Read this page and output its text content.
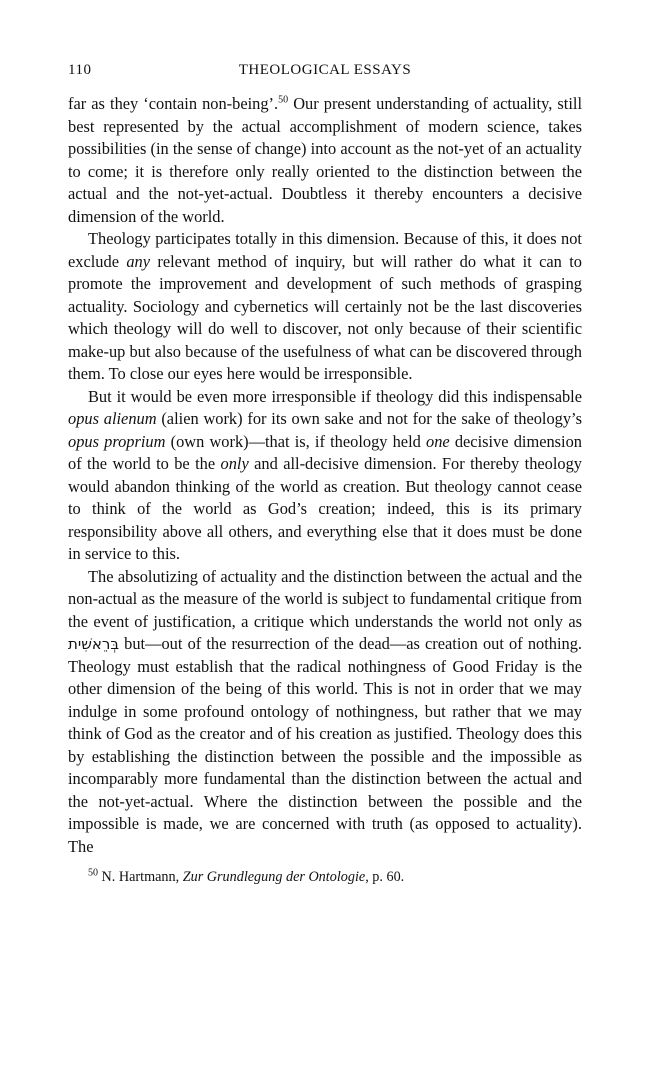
110	THEOLOGICAL ESSAYS

far as they ‘contain non-being’.$^{50}$ Our present understanding of actuality, still best represented by the actual accomplishment of modern science, takes possibilities (in the sense of change) into account as the not-yet of an actuality to come; it is therefore only really oriented to the distinction between the actual and the not-yet-actual. Doubtless it thereby encounters a decisive dimension of the world.

Theology participates totally in this dimension. Because of this, it does not exclude any relevant method of inquiry, but will rather do what it can to promote the improvement and development of such methods of grasping actuality. Sociology and cybernetics will certainly not be the last discoveries which theology will do well to discover, not only because of their scientific make-up but also because of the usefulness of what can be discovered through them. To close our eyes here would be irresponsible.

But it would be even more irresponsible if theology did this indispensable opus alienum (alien work) for its own sake and not for the sake of theology’s opus proprium (own work)—that is, if theology held one decisive dimension of the world to be the only and all-decisive dimension. For thereby theology would abandon thinking of the world as creation. But theology cannot cease to think of the world as God’s creation; indeed, this is its primary responsibility above all others, and everything else that it does must be done in service to this.

The absolutizing of actuality and the distinction between the actual and the non-actual as the measure of the world is subject to fundamental critique from the event of justification, a critique which understands the world not only as בְּרֵאשִׁית but—out of the resurrection of the dead—as creation out of nothing. Theology must establish that the radical nothingness of Good Friday is the other dimension of the being of this world. This is not in order that we may indulge in some profound ontology of nothingness, but rather that we may think of God as the creator and of his creation as justified. Theology does this by establishing the distinction between the possible and the impossible as incomparably more fundamental than the distinction between the actual and the not-yet-actual. Where the distinction between the possible and the impossible is made, we are concerned with truth (as opposed to actuality). The

$^{50}$ N. Hartmann, Zur Grundlegung der Ontologie, p. 60.
